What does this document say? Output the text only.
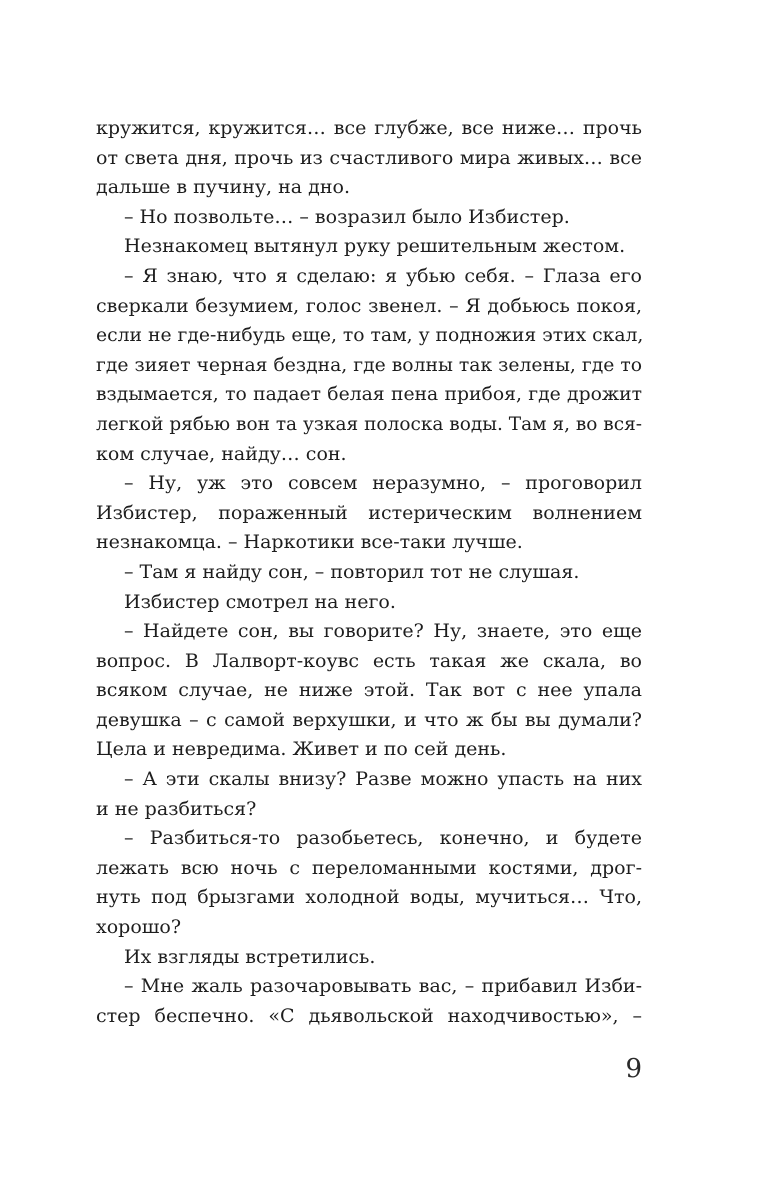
кружится, кружится… все глубже, все ниже… прочь
от света дня, прочь из счастливого мира живых… все
дальше в пучину, на дно.
– Но позвольте… – возразил было Избистер.
Незнакомец вытянул руку решительным жестом.
– Я знаю, что я сделаю: я убью себя. – Глаза его
сверкали безумием, голос звенел. – Я добьюсь покоя,
если не где-нибудь еще, то там, у подножия этих скал,
где зияет черная бездна, где волны так зелены, где то
вздымается, то падает белая пена прибоя, где дрожит
легкой рябью вон та узкая полоска воды. Там я, во вся-
ком случае, найду… сон.
– Ну, уж это совсем неразумно, – проговорил
Избистер, пораженный истерическим волнением
незнакомца. – Наркотики все-таки лучше.
– Там я найду сон, – повторил тот не слушая.
Избистер смотрел на него.
– Найдете сон, вы говорите? Ну, знаете, это еще
вопрос. В Лалворт-коувс есть такая же скала, во
всяком случае, не ниже этой. Так вот с нее упала
девушка – с самой верхушки, и что ж бы вы думали?
Цела и невредима. Живет и по сей день.
– А эти скалы внизу? Разве можно упасть на них
и не разбиться?
– Разбиться-то разобьетесь, конечно, и будете
лежать всю ночь с переломанными костями, дрог-
нуть под брызгами холодной воды, мучиться… Что,
хорошо?
Их взгляды встретились.
– Мне жаль разочаровывать вас, – прибавил Изби-
стер беспечно. «С дьявольской находчивостью», –
9
